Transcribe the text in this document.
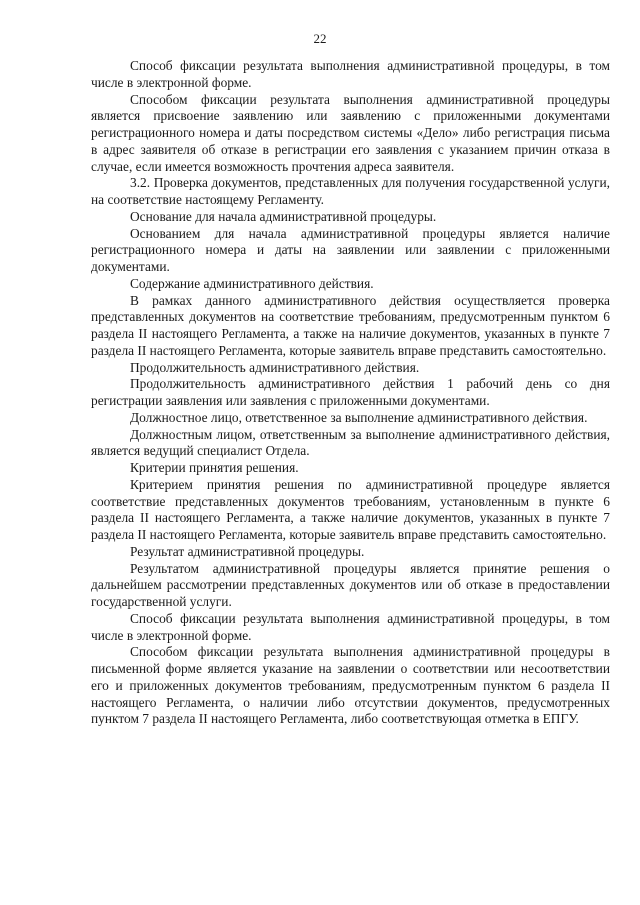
22

Способ фиксации результата выполнения административной процедуры, в том числе в электронной форме.

Способом фиксации результата выполнения административной процедуры является присвоение заявлению или заявлению с приложенными документами регистрационного номера и даты посредством системы «Дело» либо регистрация письма в адрес заявителя об отказе в регистрации его заявления с указанием причин отказа в случае, если имеется возможность прочтения адреса заявителя.

3.2. Проверка документов, представленных для получения государственной услуги, на соответствие настоящему Регламенту.

Основание для начала административной процедуры.

Основанием для начала административной процедуры является наличие регистрационного номера и даты на заявлении или заявлении с приложенными документами.

Содержание административного действия.

В рамках данного административного действия осуществляется проверка представленных документов на соответствие требованиям, предусмотренным пунктом 6 раздела II настоящего Регламента, а также на наличие документов, указанных в пункте 7 раздела II настоящего Регламента, которые заявитель вправе представить самостоятельно.

Продолжительность административного действия.

Продолжительность административного действия 1 рабочий день со дня регистрации заявления или заявления с приложенными документами.

Должностное лицо, ответственное за выполнение административного действия.

Должностным лицом, ответственным за выполнение административного действия, является ведущий специалист Отдела.

Критерии принятия решения.

Критерием принятия решения по административной процедуре является соответствие представленных документов требованиям, установленным в пункте 6 раздела II настоящего Регламента, а также наличие документов, указанных в пункте 7 раздела II настоящего Регламента, которые заявитель вправе представить самостоятельно.

Результат административной процедуры.

Результатом административной процедуры является принятие решения о дальнейшем рассмотрении представленных документов или об отказе в предоставлении государственной услуги.

Способ фиксации результата выполнения административной процедуры, в том числе в электронной форме.

Способом фиксации результата выполнения административной процедуры в письменной форме является указание на заявлении о соответствии или несоответствии его и приложенных документов требованиям, предусмотренным пунктом 6 раздела II настоящего Регламента, о наличии либо отсутствии документов, предусмотренных пунктом 7 раздела II настоящего Регламента, либо соответствующая отметка в ЕПГУ.
